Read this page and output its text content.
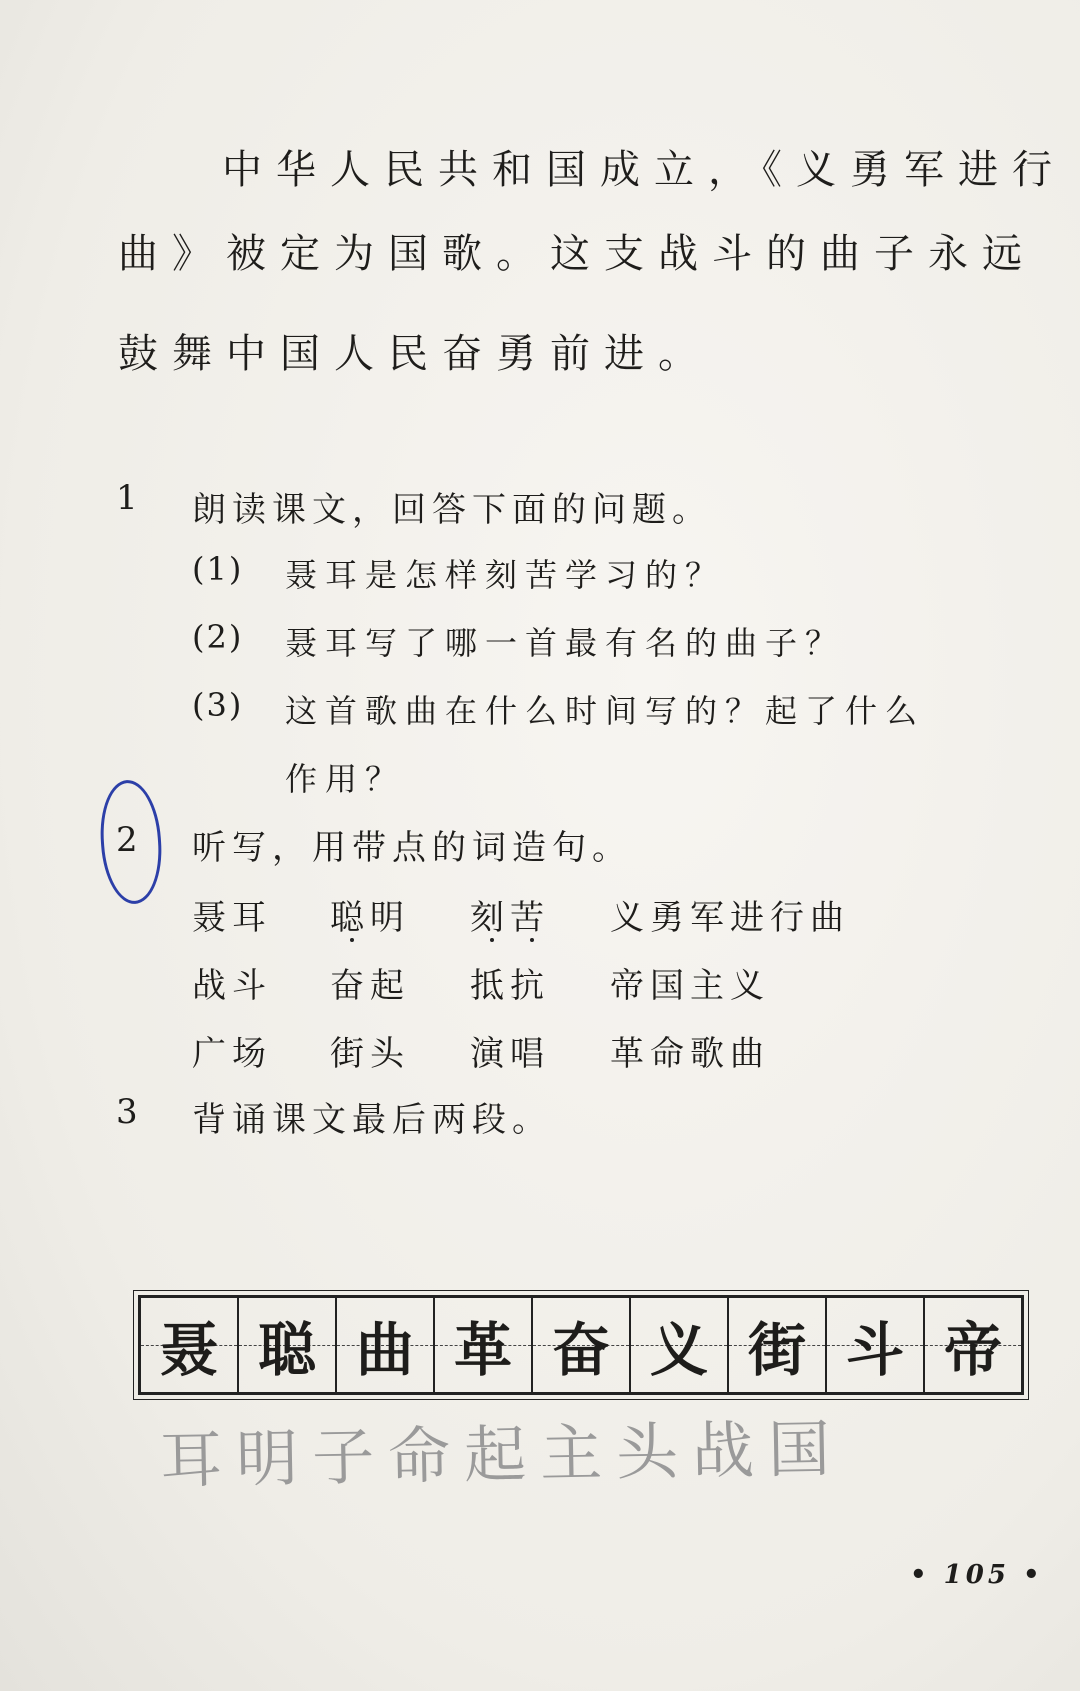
中华人民共和国成立，《义勇军进行
曲》被定为国歌。这支战斗的曲子永远
鼓舞中国人民奋勇前进。
1 朗读课文，回答下面的问题。
(1) 聂耳是怎样刻苦学习的？
(2) 聂耳写了哪一首最有名的曲子？
(3) 这首歌曲在什么时间写的？起了什么
作用？
2 听写，用带点的词造句。
聂耳 聪明 刻苦 义勇军进行曲
战斗 奋起 抵抗 帝国主义
广场 街头 演唱 革命歌曲
3 背诵课文最后两段。
聂 聪 曲 革 奋 义 街 斗 帝
耳明子命起主头战国
• 105 •
